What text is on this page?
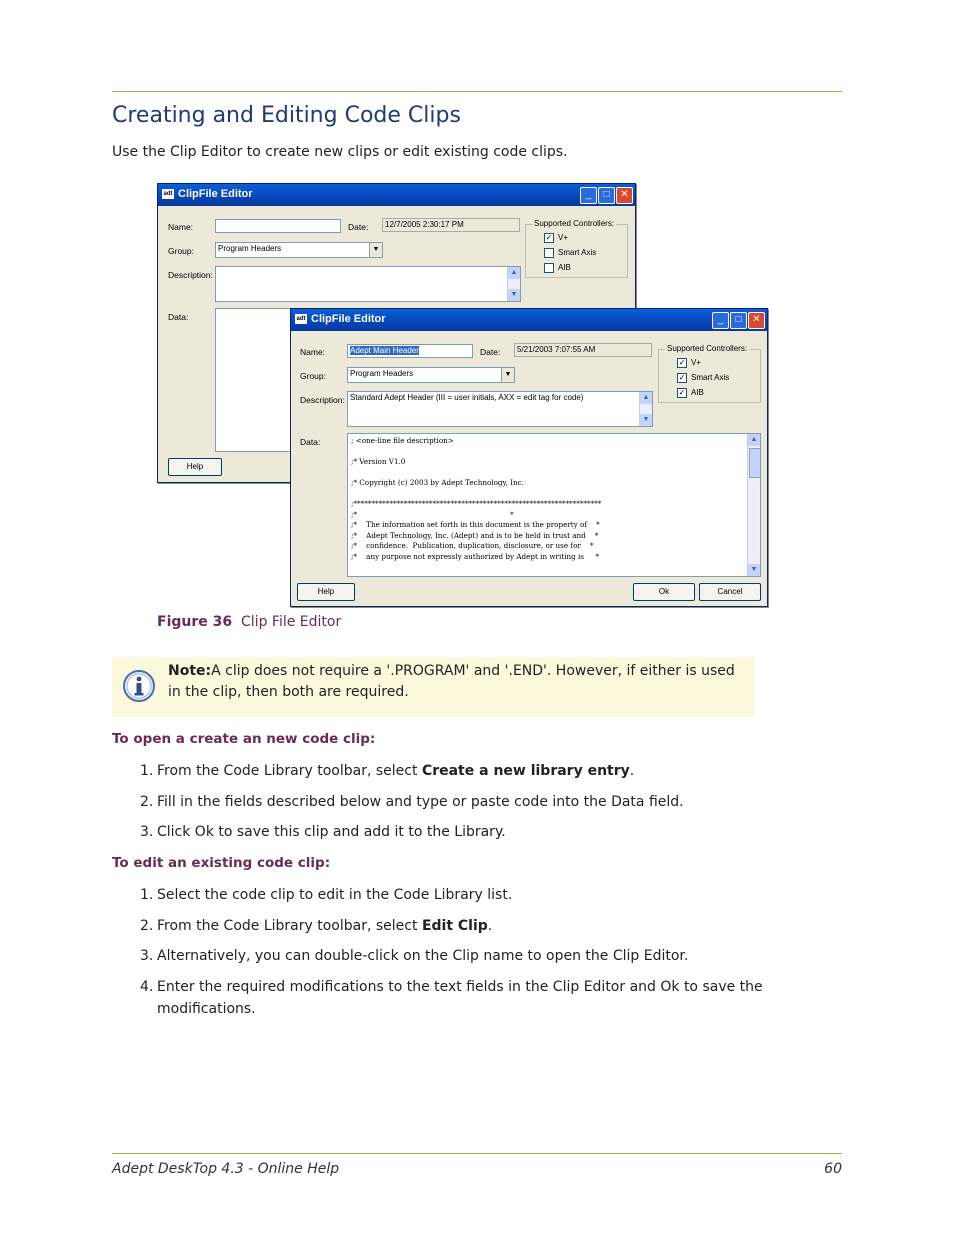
Creating and Editing Code Clips
Use the Clip Editor to create new clips or edit existing code clips.
adt ClipFile Editor	_	□	✕
Name:	Date:	12/7/2005 2:30:17 PM
Group:	Program Headers	▼
Description:	▲
▼
Data:
Supported Controllers:
✓ V+
Smart Axis
AIB
Help
adt ClipFile Editor	_	□	✕
Name:	Adept Main Header	Date:	5/21/2003 7:07:55 AM
Group:	Program Headers	▼
Description: Standard Adept Header (III = user initials, AXX = edit tag for code)	▲
▼
Data:	; <one-line file description>

;* Version V1.0

;* Copyright (c) 2003 by Adept Technology, Inc.

;*********************************************************************
;*                                                                   *
;*    The information set forth in this document is the property of    *
;*    Adept Technology, Inc. (Adept) and is to be held in trust and    *
;*    confidence.  Publication, duplication, disclosure, or use for    *
;*    any purpose not expressly authorized by Adept in writing is     *
▲
▼
Supported Controllers:
✓ V+
✓ Smart Axis
✓ AIB
Help	Ok	Cancel
Figure 36 Clip File Editor
Note:A clip does not require a '.PROGRAM' and '.END'. However, if either is used in the clip, then both are required.
To open a create an new code clip:
1. From the Code Library toolbar, select Create a new library entry.
2. Fill in the fields described below and type or paste code into the Data field.
3. Click Ok to save this clip and add it to the Library.
To edit an existing code clip:
1. Select the code clip to edit in the Code Library list.
2. From the Code Library toolbar, select Edit Clip.
3. Alternatively, you can double-click on the Clip name to open the Clip Editor.
4. Enter the required modifications to the text fields in the Clip Editor and Ok to save the modifications.
Adept DeskTop 4.3 - Online Help	60
